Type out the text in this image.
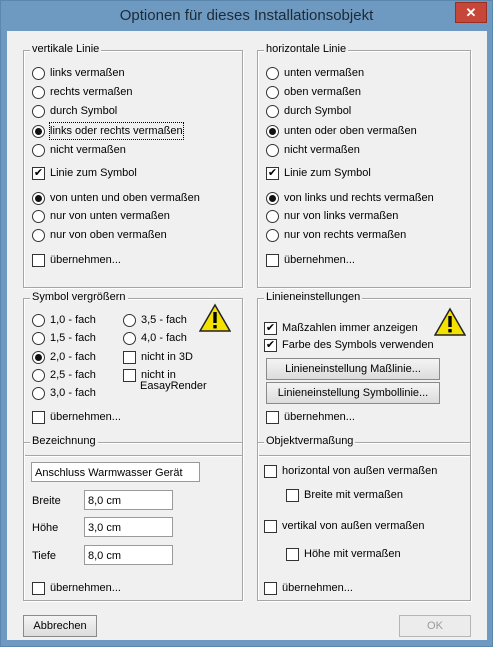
Optionen für dieses Installationsobjekt	✕
vertikale Linie
links vermaßen
rechts vermaßen
durch Symbol
links oder rechts vermaßen
nicht vermaßen
✔ Linie zum Symbol
von unten und oben vermaßen
nur von unten vermaßen
nur von oben vermaßen
übernehmen...
horizontale Linie
unten vermaßen
oben vermaßen
durch Symbol
unten oder oben vermaßen
nicht vermaßen
✔ Linie zum Symbol
von links und rechts vermaßen
nur von links vermaßen
nur von rechts vermaßen
übernehmen...
Symbol vergrößern
1,0 - fach
1,5 - fach
2,0 - fach
2,5 - fach
3,0 - fach
3,5 - fach
4,0 - fach
nicht in 3D
nicht in
EasayRender
übernehmen...
Linieneinstellungen
✔ Maßzahlen immer anzeigen
✔ Farbe des Symbols verwenden
Linieneinstellung Maßlinie...
Linieneinstellung Symbollinie...
übernehmen...
Bezeichnung
Anschluss Warmwasser Gerät
Breite	8,0 cm
Höhe	3,0 cm
Tiefe	8,0 cm
übernehmen...
Objektvermaßung
horizontal von außen vermaßen
Breite mit vermaßen
vertikal von außen vermaßen
Höhe mit vermaßen
übernehmen...
Abbrechen	OK
